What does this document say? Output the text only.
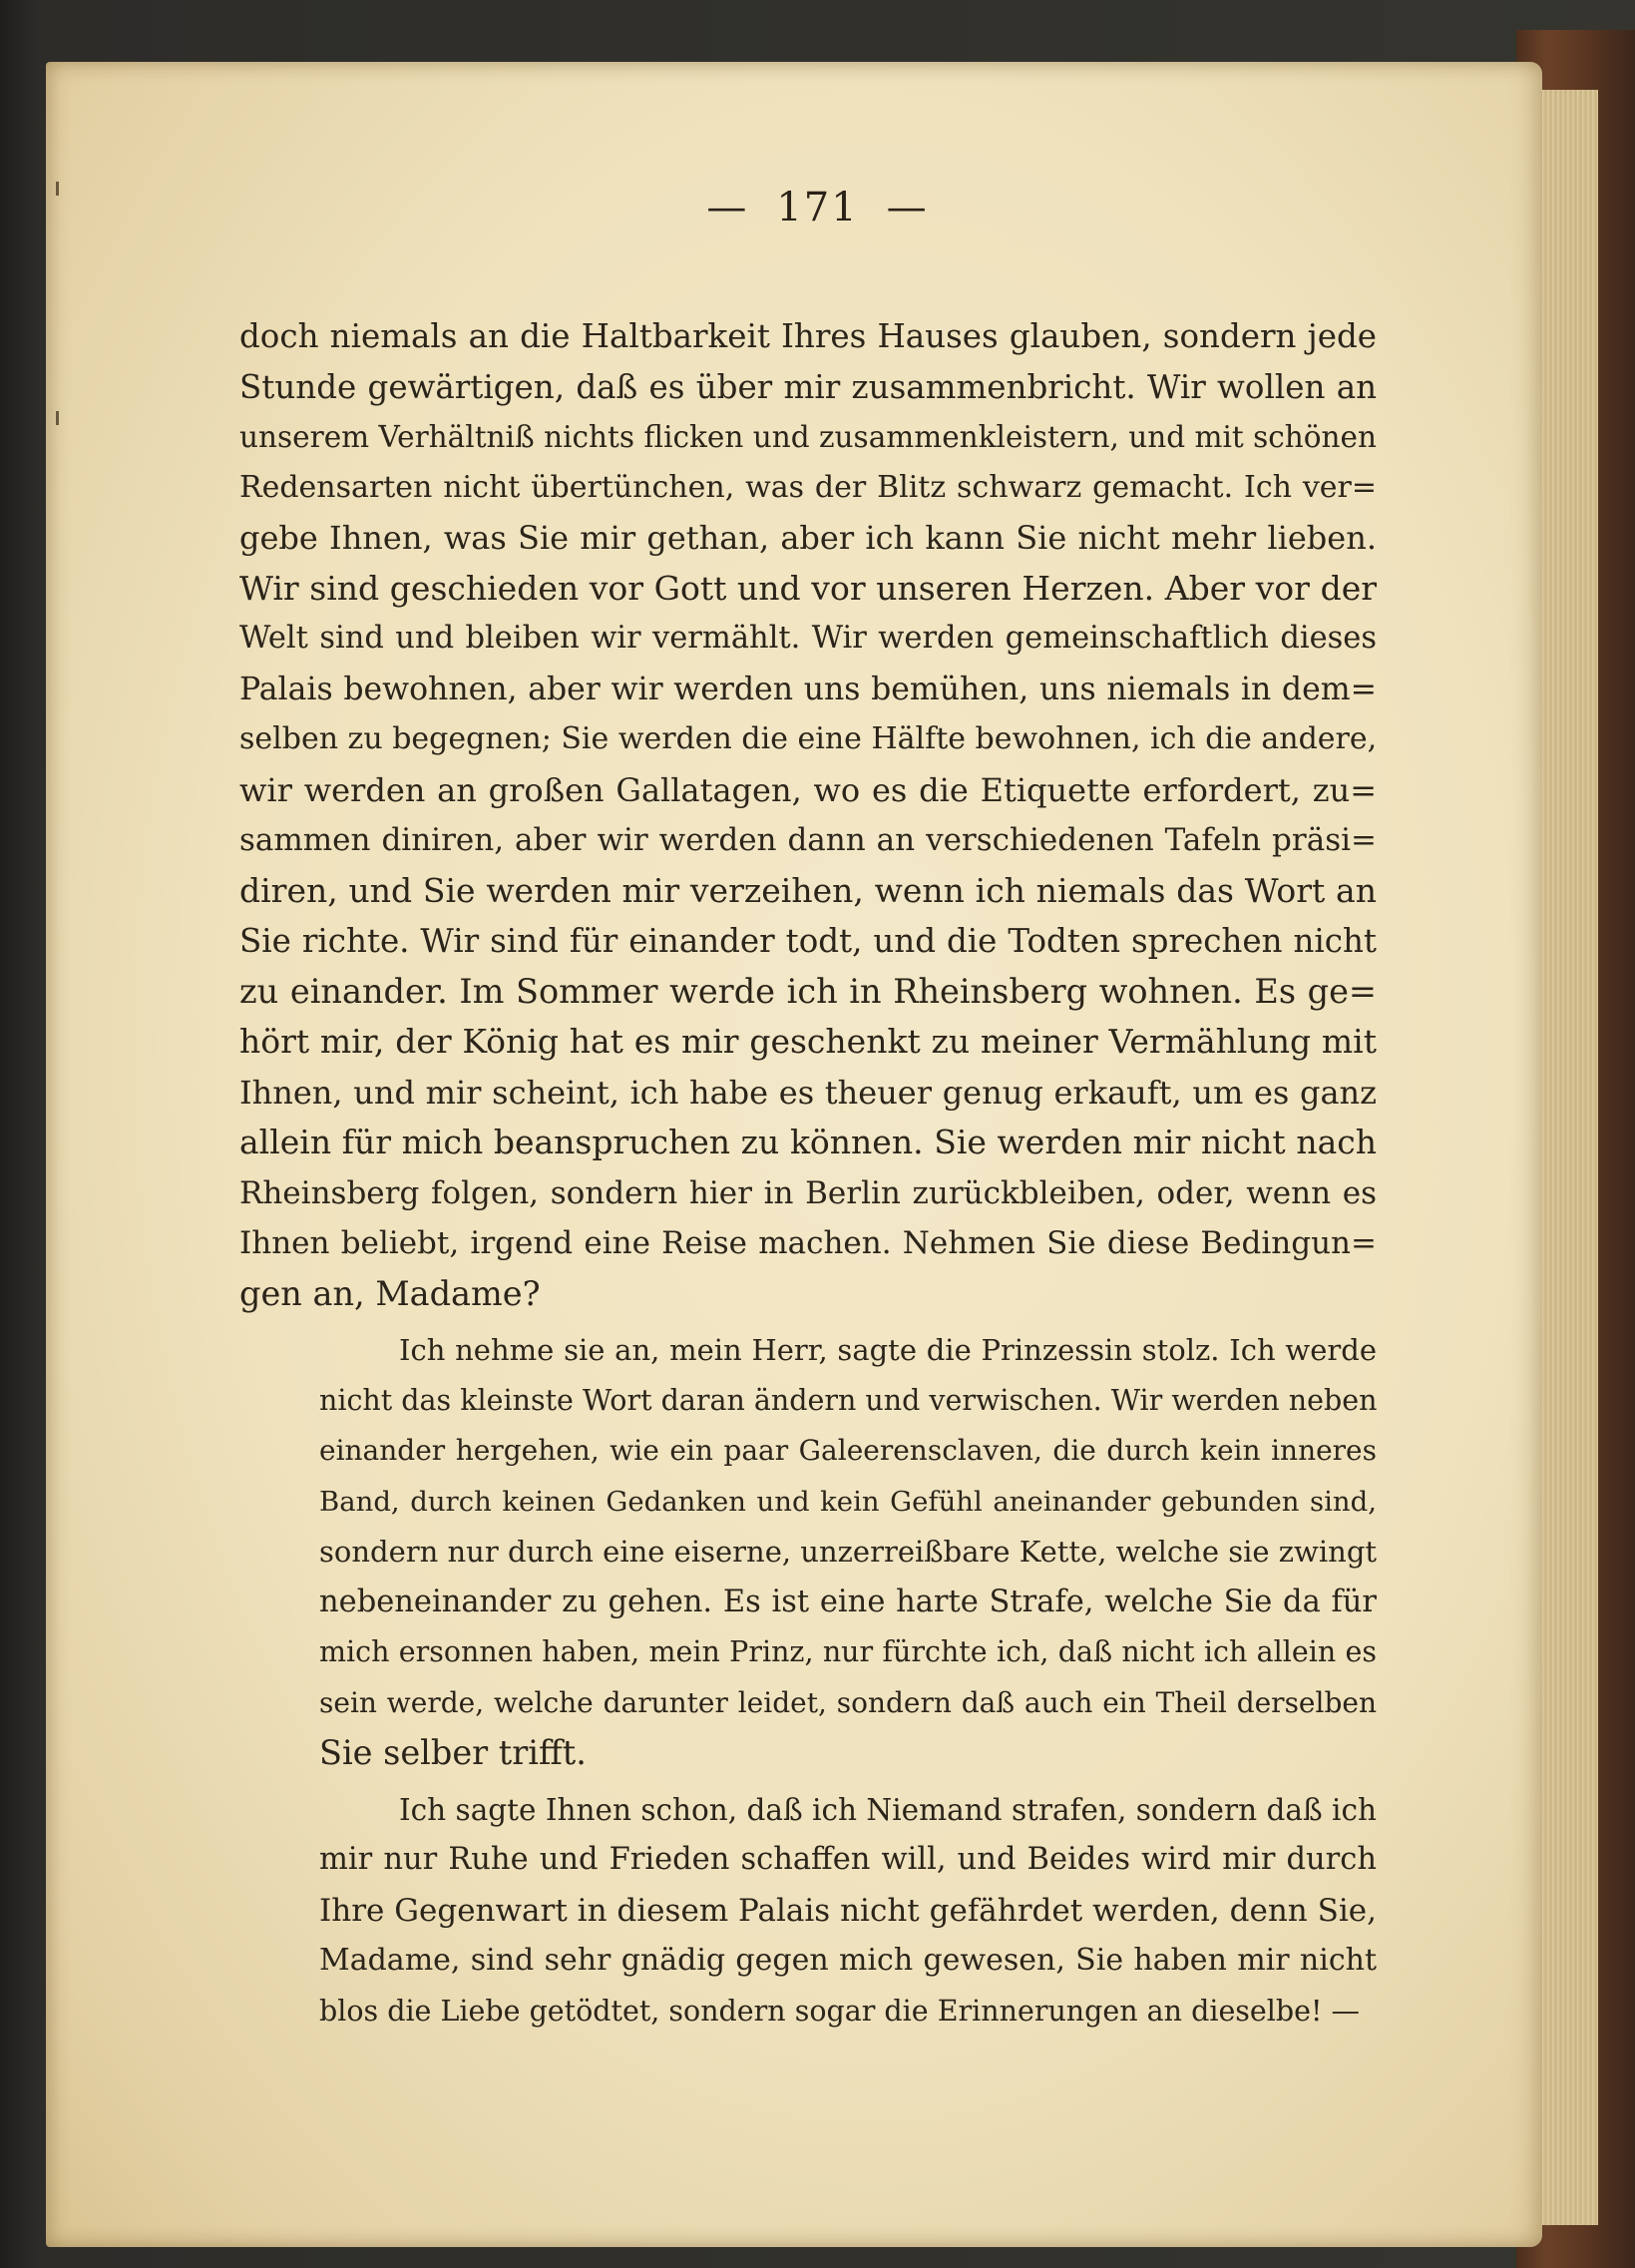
— 171 —

doch niemals an die Haltbarkeit Ihres Hauses glauben, sondern jede
Stunde gewärtigen, daß es über mir zusammenbricht. Wir wollen an
unserem Verhältniß nichts flicken und zusammenkleistern, und mit schönen
Redensarten nicht übertünchen, was der Blitz schwarz gemacht. Ich ver=
gebe Ihnen, was Sie mir gethan, aber ich kann Sie nicht mehr lieben.
Wir sind geschieden vor Gott und vor unseren Herzen. Aber vor der
Welt sind und bleiben wir vermählt. Wir werden gemeinschaftlich dieses
Palais bewohnen, aber wir werden uns bemühen, uns niemals in dem=
selben zu begegnen; Sie werden die eine Hälfte bewohnen, ich die andere,
wir werden an großen Gallatagen, wo es die Etiquette erfordert, zu=
sammen diniren, aber wir werden dann an verschiedenen Tafeln präsi=
diren, und Sie werden mir verzeihen, wenn ich niemals das Wort an
Sie richte. Wir sind für einander todt, und die Todten sprechen nicht
zu einander. Im Sommer werde ich in Rheinsberg wohnen. Es ge=
hört mir, der König hat es mir geschenkt zu meiner Vermählung mit
Ihnen, und mir scheint, ich habe es theuer genug erkauft, um es ganz
allein für mich beanspruchen zu können. Sie werden mir nicht nach
Rheinsberg folgen, sondern hier in Berlin zurückbleiben, oder, wenn es
Ihnen beliebt, irgend eine Reise machen. Nehmen Sie diese Bedingun=
gen an, Madame?

Ich nehme sie an, mein Herr, sagte die Prinzessin stolz. Ich werde
nicht das kleinste Wort daran ändern und verwischen. Wir werden neben
einander hergehen, wie ein paar Galeerensclaven, die durch kein inneres
Band, durch keinen Gedanken und kein Gefühl aneinander gebunden sind,
sondern nur durch eine eiserne, unzerreißbare Kette, welche sie zwingt
nebeneinander zu gehen. Es ist eine harte Strafe, welche Sie da für
mich ersonnen haben, mein Prinz, nur fürchte ich, daß nicht ich allein es
sein werde, welche darunter leidet, sondern daß auch ein Theil derselben
Sie selber trifft.

Ich sagte Ihnen schon, daß ich Niemand strafen, sondern daß ich
mir nur Ruhe und Frieden schaffen will, und Beides wird mir durch
Ihre Gegenwart in diesem Palais nicht gefährdet werden, denn Sie,
Madame, sind sehr gnädig gegen mich gewesen, Sie haben mir nicht
blos die Liebe getödtet, sondern sogar die Erinnerungen an dieselbe! —
